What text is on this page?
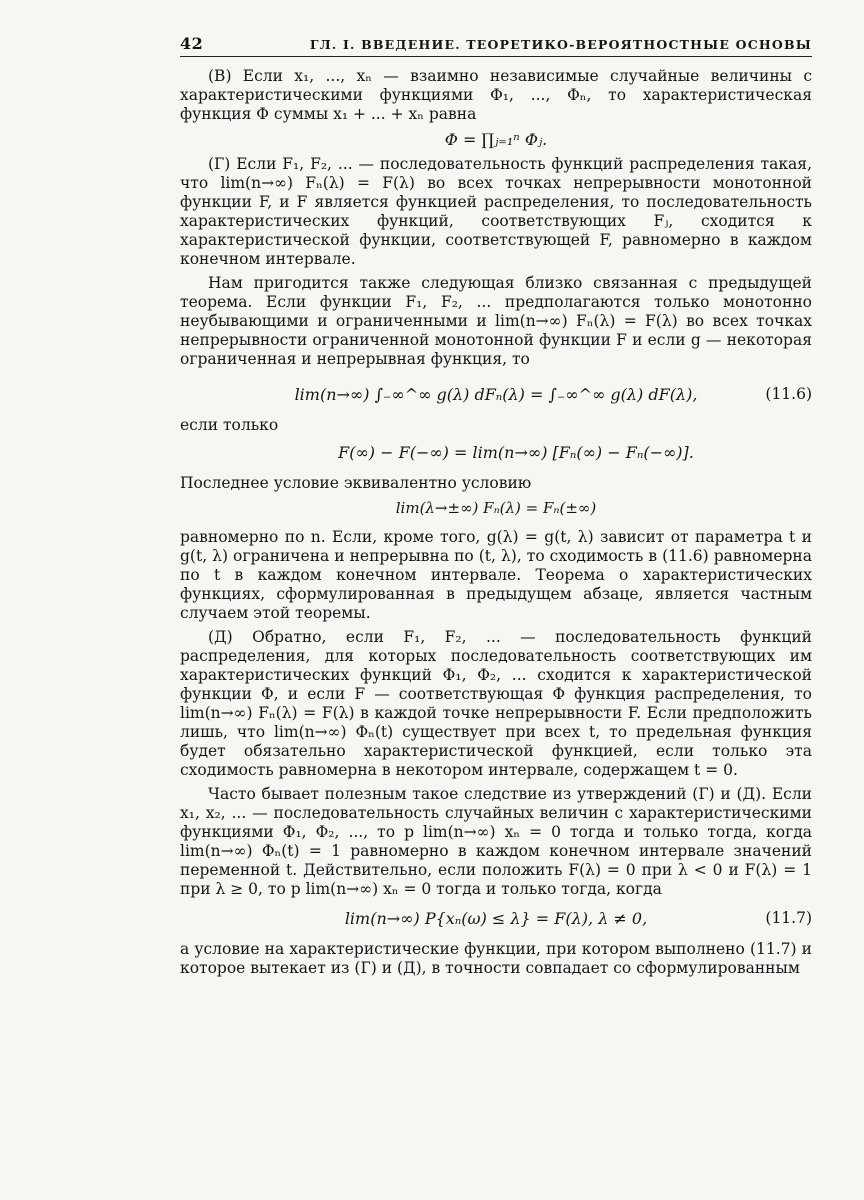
42	ГЛ. I. ВВЕДЕНИЕ. ТЕОРЕТИКО-ВЕРОЯТНОСТНЫЕ ОСНОВЫ

(В) Если x₁, ..., xₙ — взаимно независимые случайные величины с характеристическими функциями Φ₁, ..., Φₙ, то характеристическая функция Φ суммы x₁ + ... + xₙ равна

Φ = ∏ⱼ₌₁ⁿ Φⱼ.

(Г) Если F₁, F₂, ... — последовательность функций распределения такая, что lim(n→∞) Fₙ(λ) = F(λ) во всех точках непрерывности монотонной функции F, и F является функцией распределения, то последовательность характеристических функций, соответствующих Fⱼ, сходится к характеристической функции, соответствующей F, равномерно в каждом конечном интервале.

Нам пригодится также следующая близко связанная с предыдущей теорема. Если функции F₁, F₂, ... предполагаются только монотонно неубывающими и ограниченными и lim(n→∞) Fₙ(λ) = F(λ) во всех точках непрерывности ограниченной монотонной функции F и если g — некоторая ограниченная и непрерывная функция, то

lim(n→∞) ∫₋∞^∞ g(λ) dFₙ(λ) = ∫₋∞^∞ g(λ) dF(λ),	(11.6)

если только

F(∞) − F(−∞) = lim(n→∞) [Fₙ(∞) − Fₙ(−∞)].

Последнее условие эквивалентно условию

lim(λ→±∞) Fₙ(λ) = Fₙ(±∞)

равномерно по n. Если, кроме того, g(λ) = g(t, λ) зависит от параметра t и g(t, λ) ограничена и непрерывна по (t, λ), то сходимость в (11.6) равномерна по t в каждом конечном интервале. Теорема о характеристических функциях, сформулированная в предыдущем абзаце, является частным случаем этой теоремы.

(Д) Обратно, если F₁, F₂, ... — последовательность функций распределения, для которых последовательность соответствующих им характеристических функций Φ₁, Φ₂, ... сходится к характеристической функции Φ, и если F — соответствующая Φ функция распределения, то lim(n→∞) Fₙ(λ) = F(λ) в каждой точке непрерывности F. Если предположить лишь, что lim(n→∞) Φₙ(t) существует при всех t, то предельная функция будет обязательно характеристической функцией, если только эта сходимость равномерна в некотором интервале, содержащем t = 0.

Часто бывает полезным такое следствие из утверждений (Г) и (Д). Если x₁, x₂, ... — последовательность случайных величин с характеристическими функциями Φ₁, Φ₂, ..., то p lim(n→∞) xₙ = 0 тогда и только тогда, когда lim(n→∞) Φₙ(t) = 1 равномерно в каждом конечном интервале значений переменной t. Действительно, если положить F(λ) = 0 при λ < 0 и F(λ) = 1 при λ ≥ 0, то p lim(n→∞) xₙ = 0 тогда и только тогда, когда

lim(n→∞) P{xₙ(ω) ≤ λ} = F(λ), λ ≠ 0,	(11.7)

а условие на характеристические функции, при котором выполнено (11.7) и которое вытекает из (Г) и (Д), в точности совпадает со сформулированным
